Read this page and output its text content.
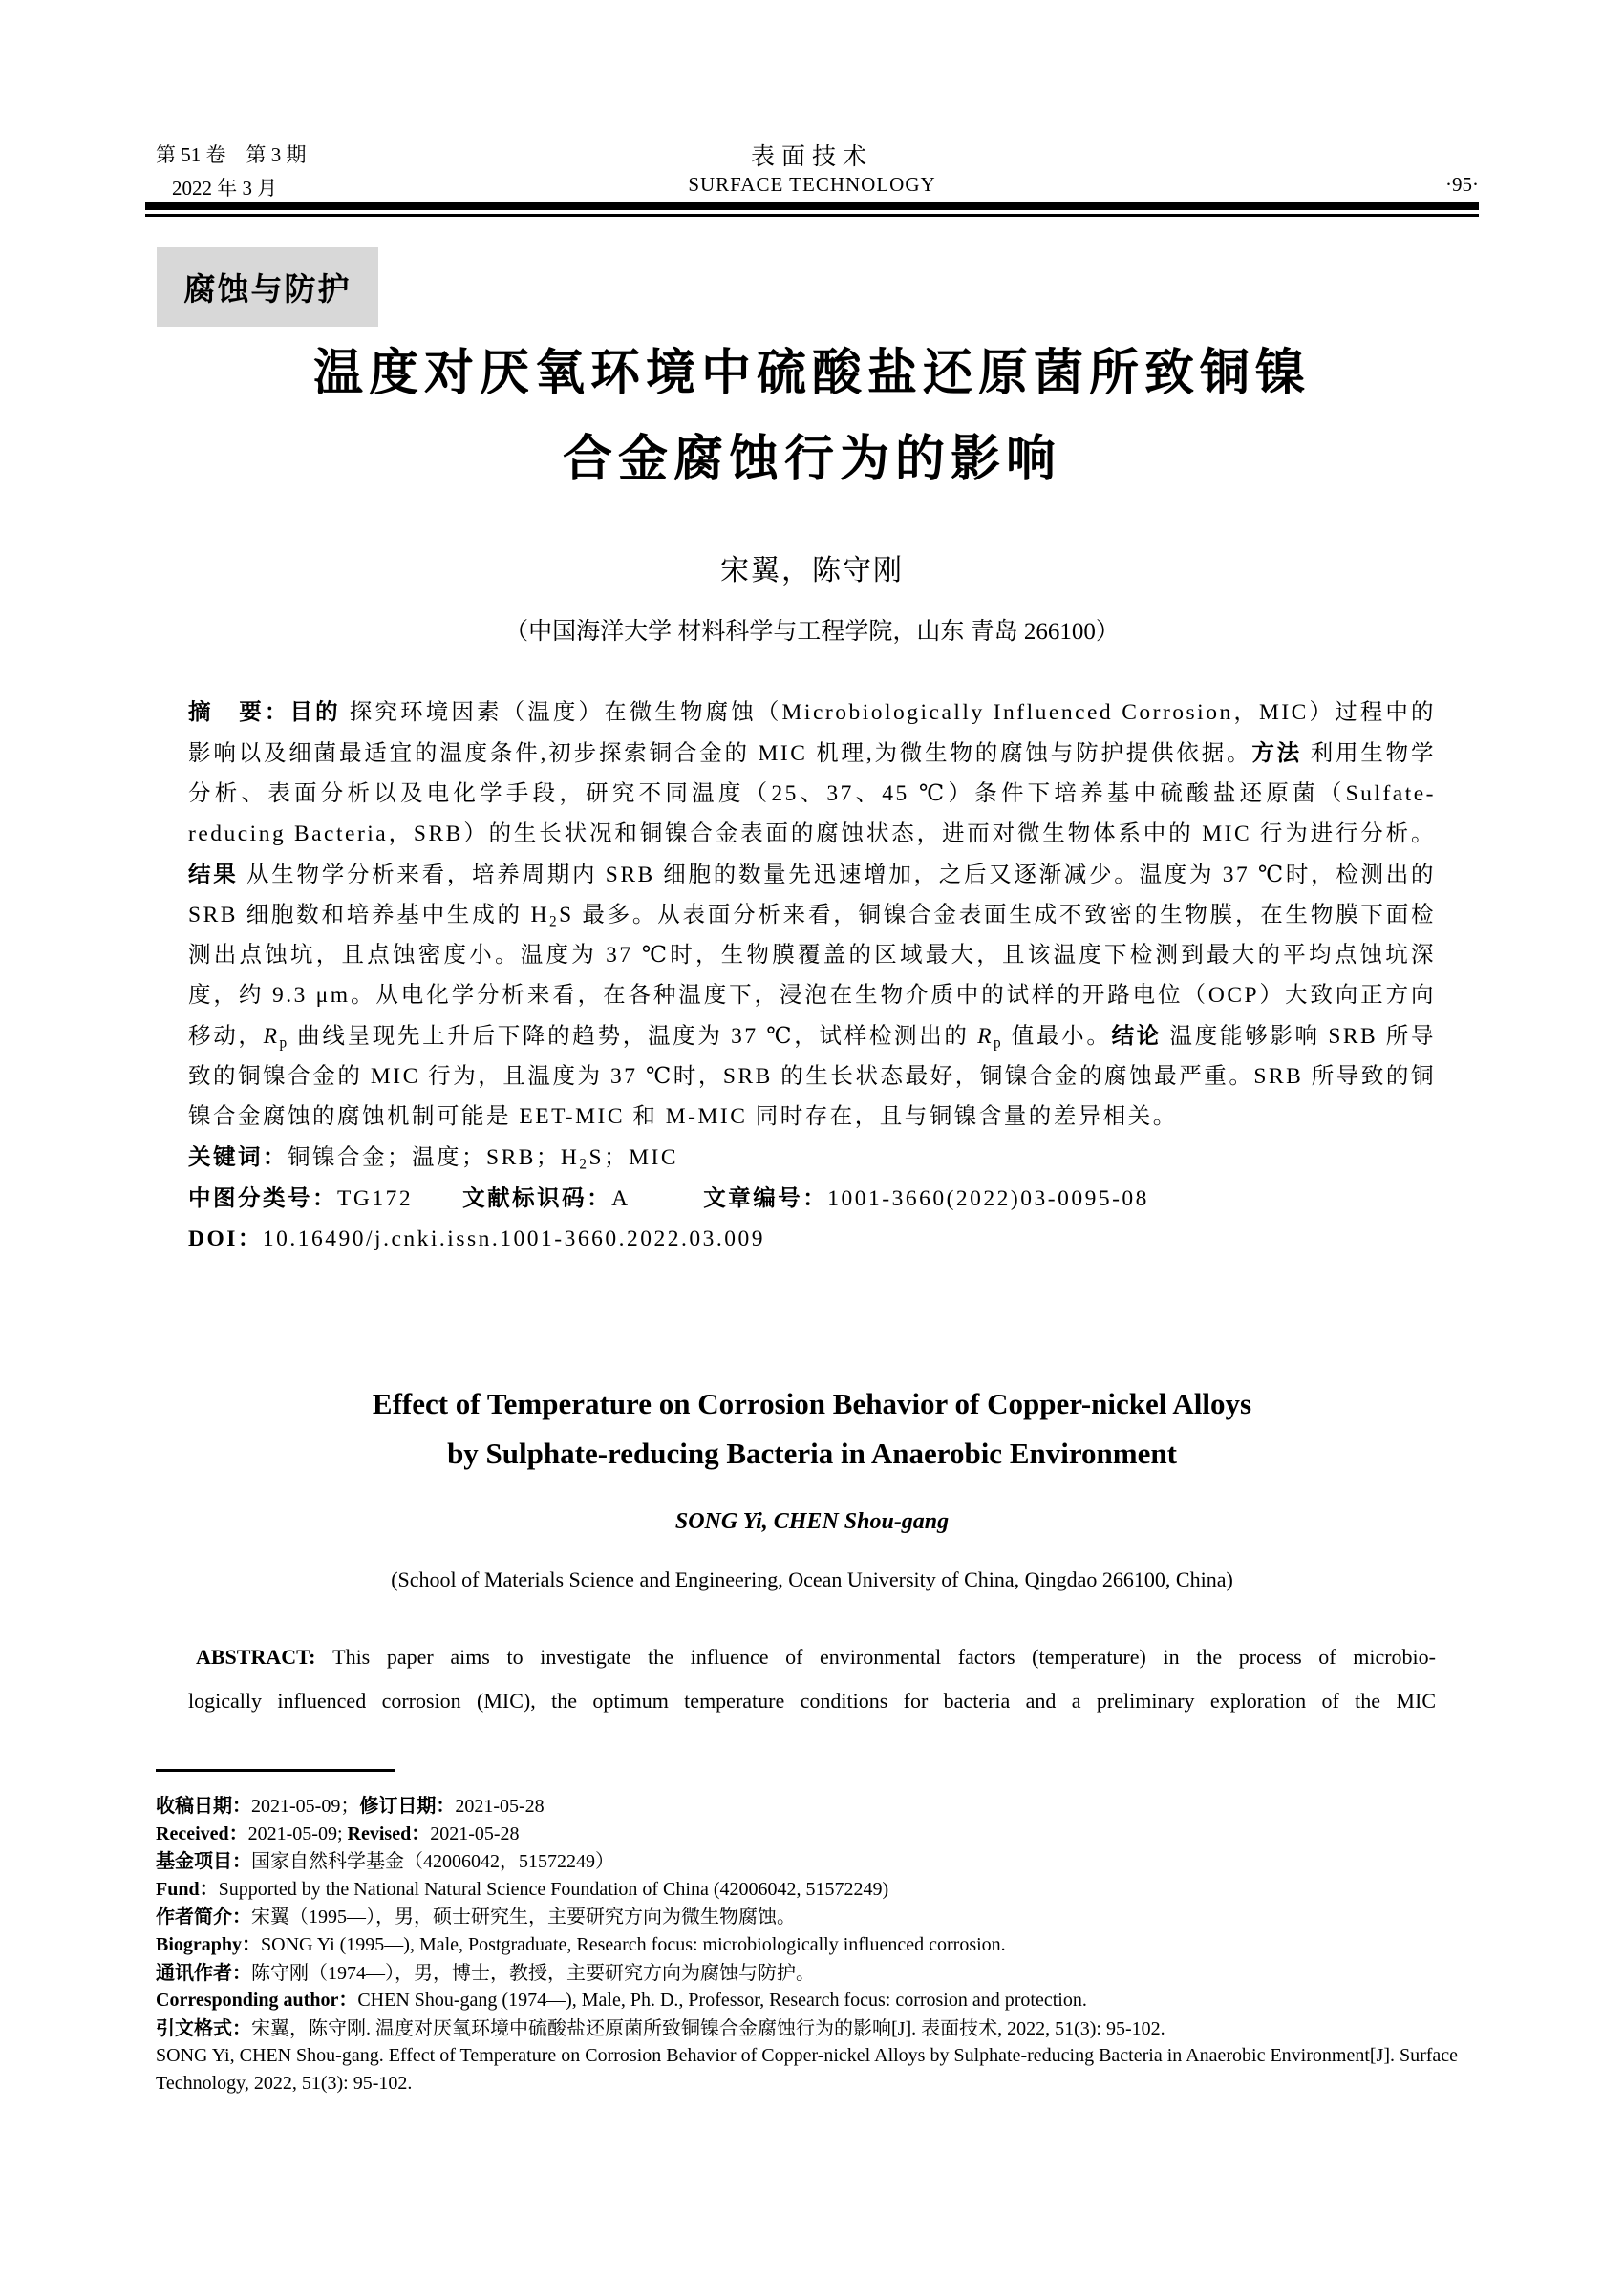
第 51 卷　第 3 期
2022 年 3 月
表面技术
SURFACE TECHNOLOGY	·95·
腐蚀与防护
温度对厌氧环境中硫酸盐还原菌所致铜镍
合金腐蚀行为的影响
宋翼，陈守刚
（中国海洋大学 材料科学与工程学院，山东 青岛 266100）
摘　要：目的 探究环境因素（温度）在微生物腐蚀（Microbiologically Influenced Corrosion，MIC）过程中的影响以及细菌最适宜的温度条件,初步探索铜合金的 MIC 机理,为微生物的腐蚀与防护提供依据。方法 利用生物学分析、表面分析以及电化学手段，研究不同温度（25、37、45 ℃）条件下培养基中硫酸盐还原菌（Sulfate-reducing Bacteria，SRB）的生长状况和铜镍合金表面的腐蚀状态，进而对微生物体系中的 MIC 行为进行分析。结果 从生物学分析来看，培养周期内 SRB 细胞的数量先迅速增加，之后又逐渐减少。温度为 37 ℃时，检测出的 SRB 细胞数和培养基中生成的 $H_2S$ 最多。从表面分析来看，铜镍合金表面生成不致密的生物膜，在生物膜下面检测出点蚀坑，且点蚀密度小。温度为 37 ℃时，生物膜覆盖的区域最大，且该温度下检测到最大的平均点蚀坑深度，约 9.3 μm。从电化学分析来看，在各种温度下，浸泡在生物介质中的试样的开路电位（OCP）大致向正方向移动，$R_p$ 曲线呈现先上升后下降的趋势，温度为 37 ℃，试样检测出的 $R_p$ 值最小。结论 温度能够影响 SRB 所导致的铜镍合金的 MIC 行为，且温度为 37 ℃时，SRB 的生长状态最好，铜镍合金的腐蚀最严重。SRB 所导致的铜镍合金腐蚀的腐蚀机制可能是 EET-MIC 和 M-MIC 同时存在，且与铜镍含量的差异相关。
关键词：铜镍合金；温度；SRB；$H_2S$；MIC
中图分类号：TG172　　文献标识码：A　　　文章编号：1001-3660(2022)03-0095-08
DOI：10.16490/j.cnki.issn.1001-3660.2022.03.009
Effect of Temperature on Corrosion Behavior of Copper-nickel Alloys
by Sulphate-reducing Bacteria in Anaerobic Environment
SONG Yi, CHEN Shou-gang
(School of Materials Science and Engineering, Ocean University of China, Qingdao 266100, China)
ABSTRACT: This paper aims to investigate the influence of environmental factors (temperature) in the process of microbio-
logically influenced corrosion (MIC), the optimum temperature conditions for bacteria and a preliminary exploration of the MIC
收稿日期：2021-05-09；修订日期：2021-05-28
Received：2021-05-09; Revised：2021-05-28
基金项目：国家自然科学基金（42006042，51572249）
Fund：Supported by the National Natural Science Foundation of China (42006042, 51572249)
作者简介：宋翼（1995—），男，硕士研究生，主要研究方向为微生物腐蚀。
Biography：SONG Yi (1995—), Male, Postgraduate, Research focus: microbiologically influenced corrosion.
通讯作者：陈守刚（1974—），男，博士，教授，主要研究方向为腐蚀与防护。
Corresponding author：CHEN Shou-gang (1974—), Male, Ph. D., Professor, Research focus: corrosion and protection.
引文格式：宋翼，陈守刚. 温度对厌氧环境中硫酸盐还原菌所致铜镍合金腐蚀行为的影响[J]. 表面技术, 2022, 51(3): 95-102.
SONG Yi, CHEN Shou-gang. Effect of Temperature on Corrosion Behavior of Copper-nickel Alloys by Sulphate-reducing Bacteria in Anaerobic Environment[J]. Surface Technology, 2022, 51(3): 95-102.
